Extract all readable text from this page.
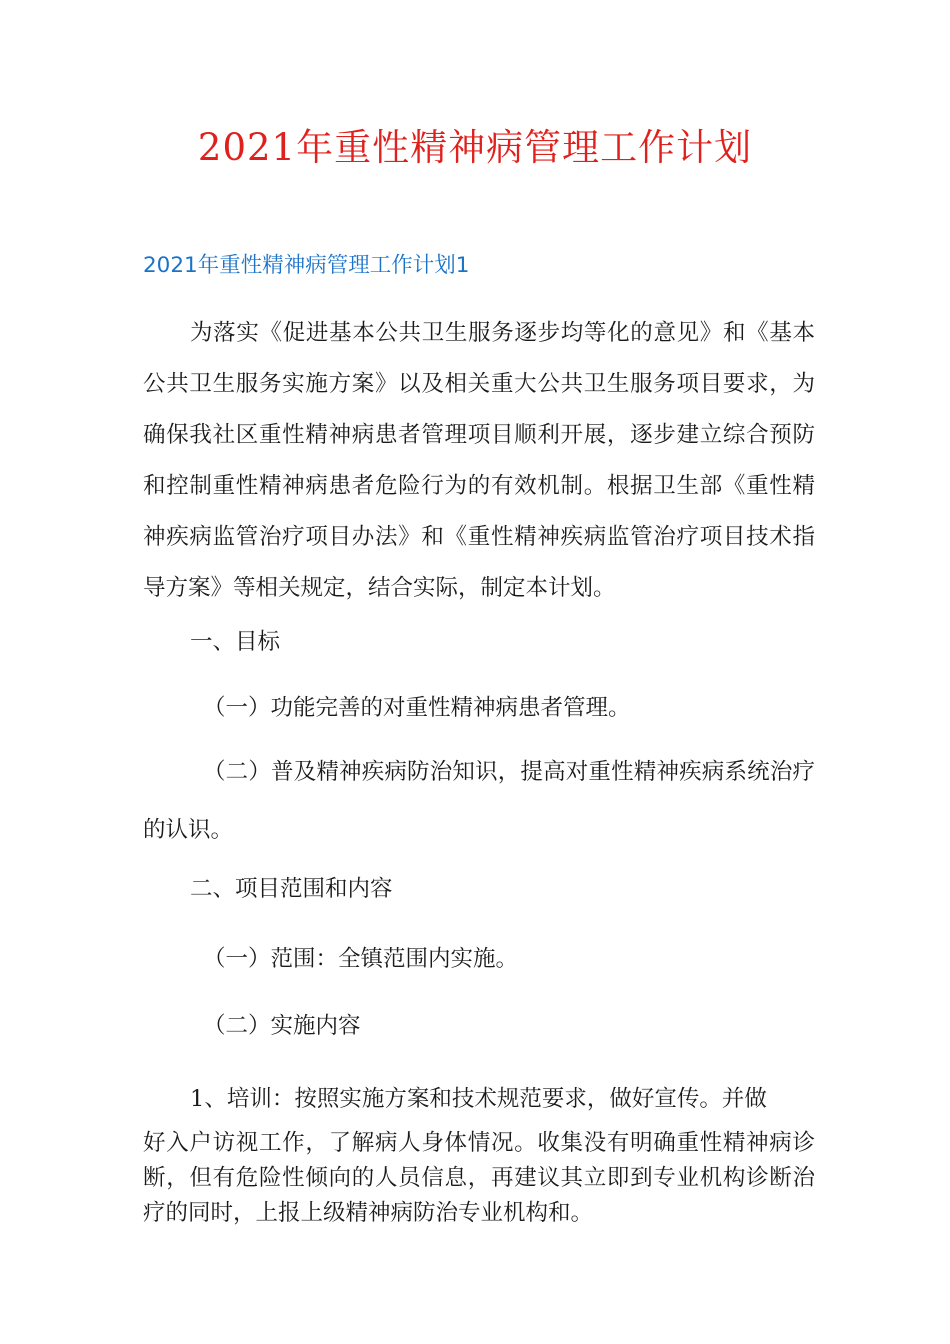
2021年重性精神病管理工作计划
2021年重性精神病管理工作计划1

为落实《促进基本公共卫生服务逐步均等化的意见》和《基本公共卫生服务实施方案》以及相关重大公共卫生服务项目要求，为确保我社区重性精神病患者管理项目顺利开展，逐步建立综合预防和控制重性精神病患者危险行为的有效机制。根据卫生部《重性精神疾病监管治疗项目办法》和《重性精神疾病监管治疗项目技术指导方案》等相关规定，结合实际，制定本计划。

一、目标

（一）功能完善的对重性精神病患者管理。

（二）普及精神疾病防治知识，提高对重性精神疾病系统治疗的认识。

二、项目范围和内容

（一）范围：全镇范围内实施。

（二）实施内容

1、培训：按照实施方案和技术规范要求，做好宣传。并做

好入户访视工作，了解病人身体情况。收集没有明确重性精神病诊断，但有危险性倾向的人员信息，再建议其立即到专业机构诊断治疗的同时，上报上级精神病防治专业机构和。
